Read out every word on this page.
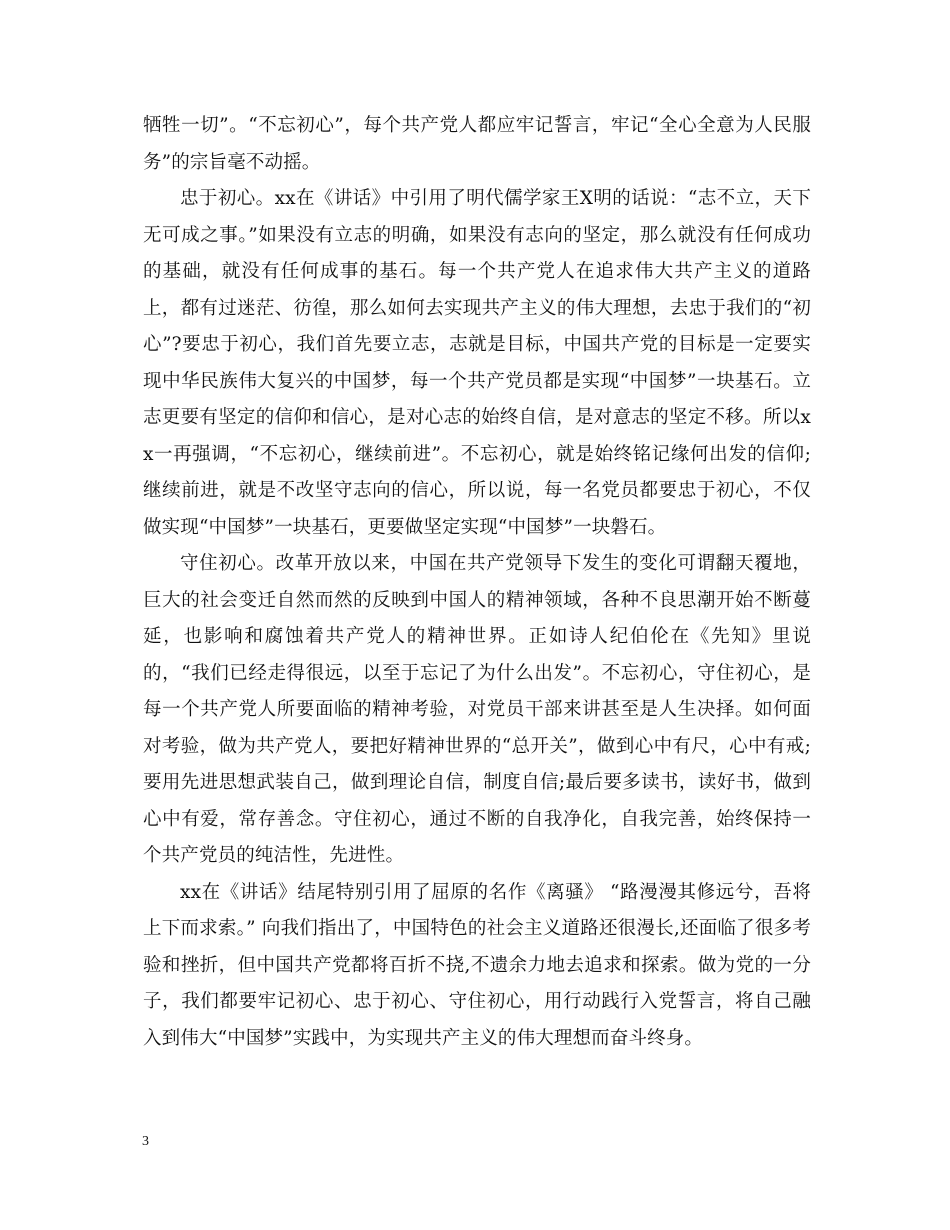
牺牲一切”。“不忘初心”，每个共产党人都应牢记誓言，牢记“全心全意为人民服务”的宗旨毫不动摇。

忠于初心。xx在《讲话》中引用了明代儒学家王X明的话说：“志不立，天下无可成之事。”如果没有立志的明确，如果没有志向的坚定，那么就没有任何成功的基础，就没有任何成事的基石。每一个共产党人在追求伟大共产主义的道路上，都有过迷茫、彷徨，那么如何去实现共产主义的伟大理想，去忠于我们的“初心”?要忠于初心，我们首先要立志，志就是目标，中国共产党的目标是一定要实现中华民族伟大复兴的中国梦，每一个共产党员都是实现“中国梦”一块基石。立志更要有坚定的信仰和信心，是对心志的始终自信，是对意志的坚定不移。所以xx一再强调，“不忘初心，继续前进”。不忘初心，就是始终铭记缘何出发的信仰;继续前进，就是不改坚守志向的信心，所以说，每一名党员都要忠于初心，不仅做实现“中国梦”一块基石，更要做坚定实现“中国梦”一块磐石。

守住初心。改革开放以来，中国在共产党领导下发生的变化可谓翻天覆地，巨大的社会变迁自然而然的反映到中国人的精神领域，各种不良思潮开始不断蔓延，也影响和腐蚀着共产党人的精神世界。正如诗人纪伯伦在《先知》里说的，“我们已经走得很远，以至于忘记了为什么出发”。不忘初心，守住初心，是每一个共产党人所要面临的精神考验，对党员干部来讲甚至是人生决择。如何面对考验，做为共产党人，要把好精神世界的“总开关”，做到心中有尺，心中有戒;要用先进思想武装自己，做到理论自信，制度自信;最后要多读书，读好书，做到心中有爱，常存善念。守住初心，通过不断的自我净化，自我完善，始终保持一个共产党员的纯洁性，先进性。

xx在《讲话》结尾特别引用了屈原的名作《离骚》 “路漫漫其修远兮，吾将上下而求索。” 向我们指出了，中国特色的社会主义道路还很漫长,还面临了很多考验和挫折，但中国共产党都将百折不挠,不遗余力地去追求和探索。做为党的一分子，我们都要牢记初心、忠于初心、守住初心，用行动践行入党誓言，将自己融入到伟大“中国梦”实践中，为实现共产主义的伟大理想而奋斗终身。

3
